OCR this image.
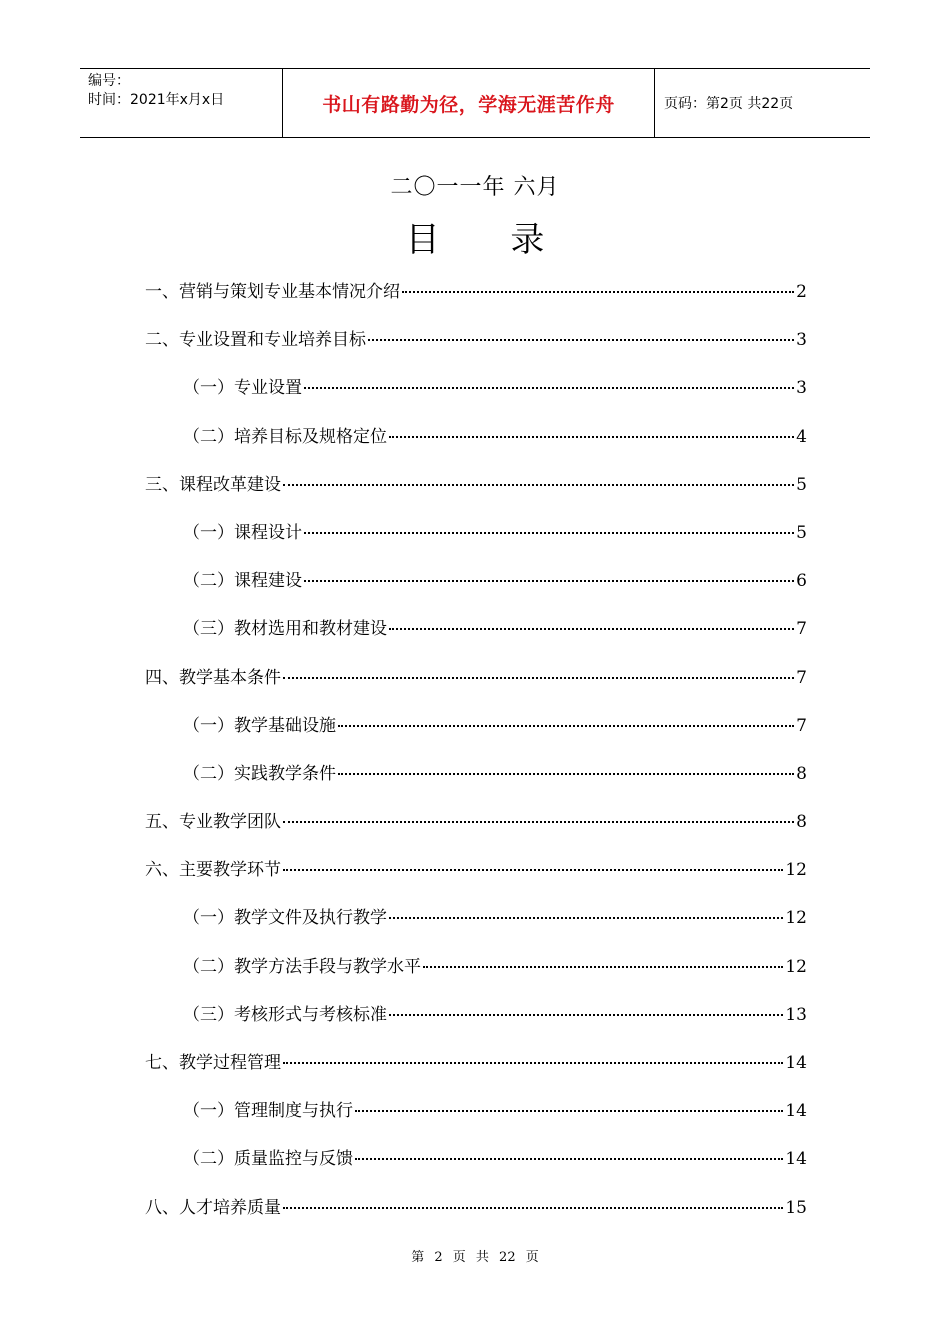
编号：
时间：2021年x月x日	书山有路勤为径，学海无涯苦作舟	页码：第2页 共22页
二〇一一年 六月
目 录
一、营销与策划专业基本情况介绍	2
二、专业设置和专业培养目标	3
（一）专业设置	3
（二）培养目标及规格定位	4
三、课程改革建设	5
（一）课程设计	5
（二）课程建设	6
（三）教材选用和教材建设	7
四、教学基本条件	7
（一）教学基础设施	7
（二）实践教学条件	8
五、专业教学团队	8
六、主要教学环节	12
（一）教学文件及执行教学	12
（二）教学方法手段与教学水平	12
（三）考核形式与考核标准	13
七、教学过程管理	14
（一）管理制度与执行	14
（二）质量监控与反馈	14
八、人才培养质量	15
第 2 页 共 22 页
